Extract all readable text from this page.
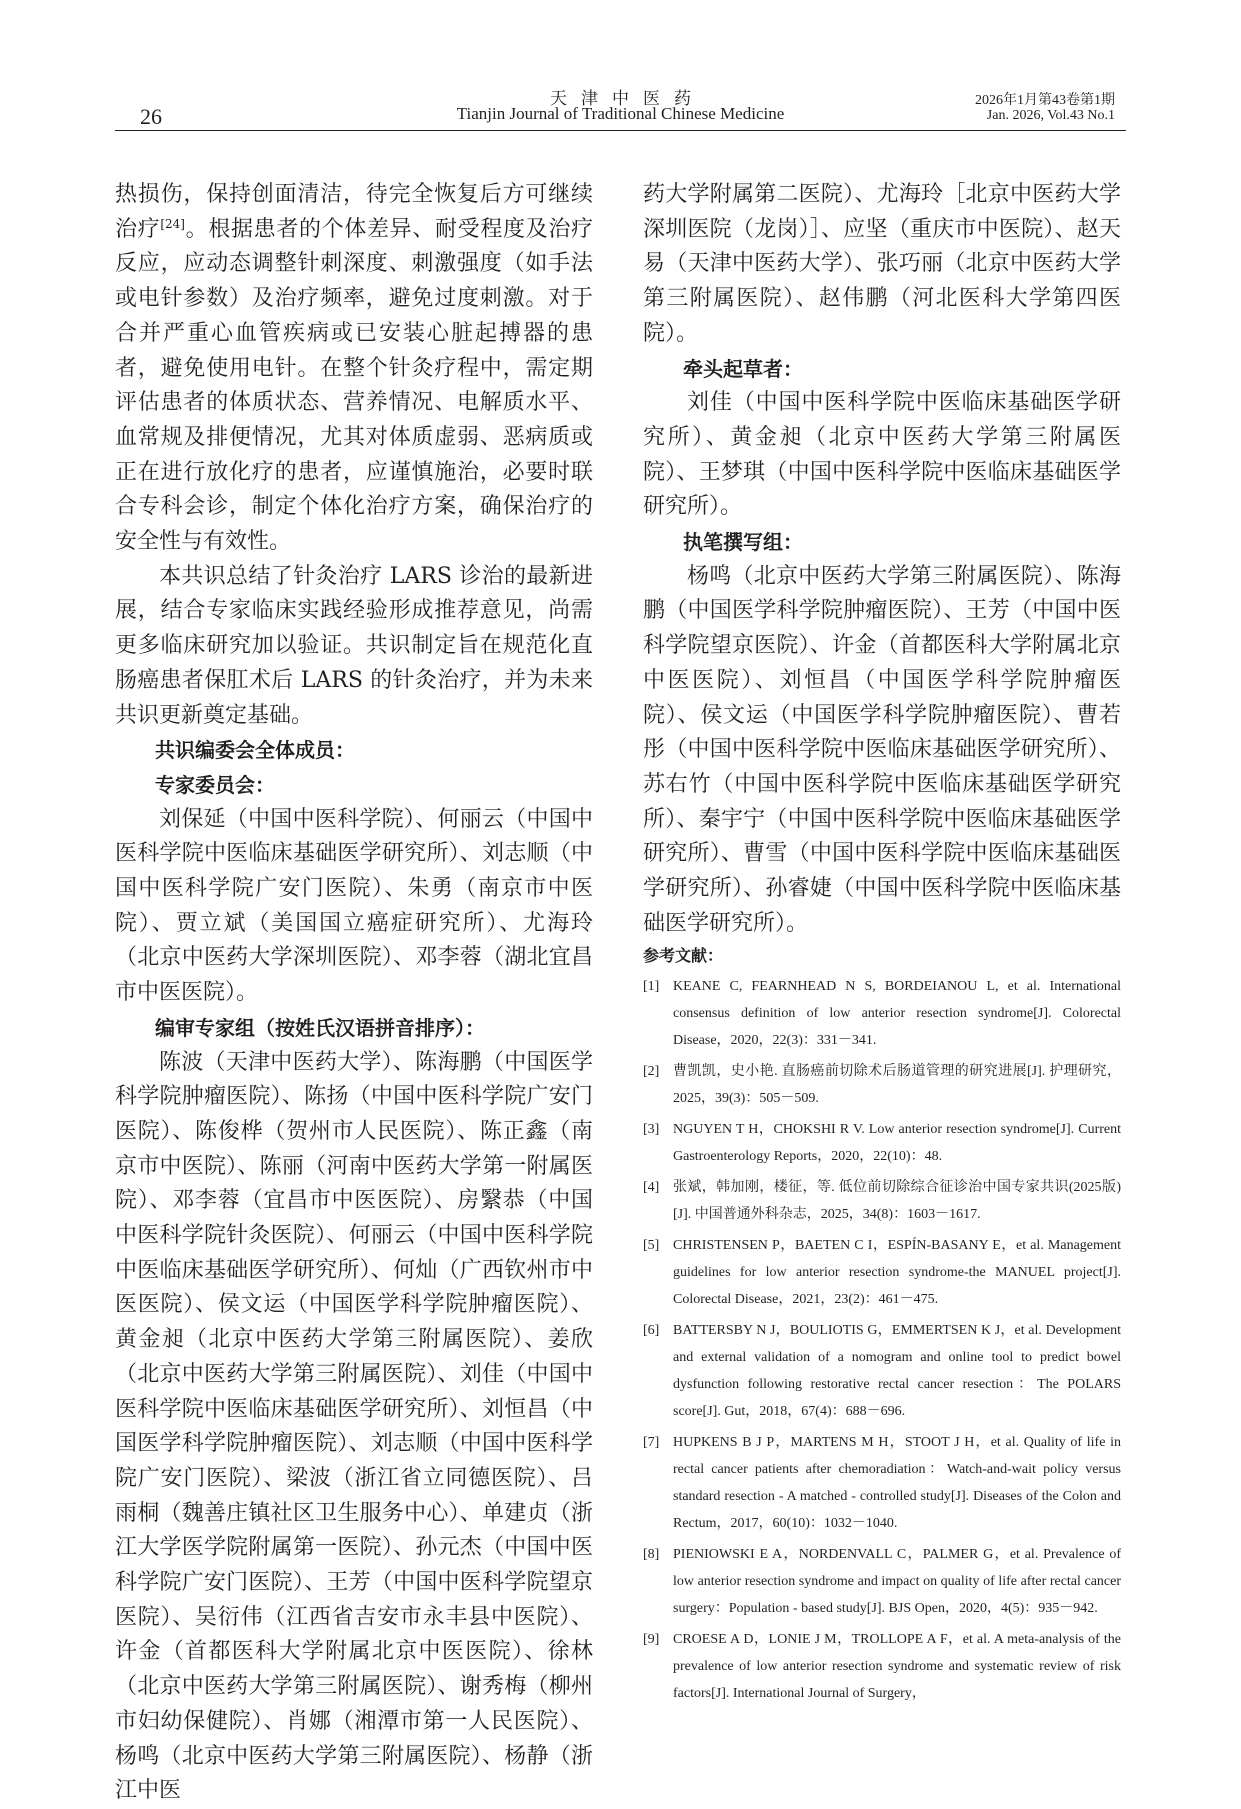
26
天津中医药
Tianjin Journal of Traditional Chinese Medicine
2026年1月第43卷第1期
Jan. 2026, Vol.43 No.1

热损伤，保持创面清洁，待完全恢复后方可继续治疗[24]。根据患者的个体差异、耐受程度及治疗反应，应动态调整针刺深度、刺激强度（如手法或电针参数）及治疗频率，避免过度刺激。对于合并严重心血管疾病或已安装心脏起搏器的患者，避免使用电针。在整个针灸疗程中，需定期评估患者的体质状态、营养情况、电解质水平、血常规及排便情况，尤其对体质虚弱、恶病质或正在进行放化疗的患者，应谨慎施治，必要时联合专科会诊，制定个体化治疗方案，确保治疗的安全性与有效性。

本共识总结了针灸治疗 LARS 诊治的最新进展，结合专家临床实践经验形成推荐意见，尚需更多临床研究加以验证。共识制定旨在规范化直肠癌患者保肛术后 LARS 的针灸治疗，并为未来共识更新奠定基础。

共识编委会全体成员：
专家委员会：

刘保延（中国中医科学院）、何丽云（中国中医科学院中医临床基础医学研究所）、刘志顺（中国中医科学院广安门医院）、朱勇（南京市中医院）、贾立斌（美国国立癌症研究所）、尤海玲（北京中医药大学深圳医院）、邓李蓉（湖北宜昌市中医医院）。

编审专家组（按姓氏汉语拼音排序）：

陈波（天津中医药大学）、陈海鹏（中国医学科学院肿瘤医院）、陈扬（中国中医科学院广安门医院）、陈俊桦（贺州市人民医院）、陈正鑫（南京市中医院）、陈丽（河南中医药大学第一附属医院）、邓李蓉（宜昌市中医医院）、房繄恭（中国中医科学院针灸医院）、何丽云（中国中医科学院中医临床基础医学研究所）、何灿（广西钦州市中医医院）、侯文运（中国医学科学院肿瘤医院）、黄金昶（北京中医药大学第三附属医院）、姜欣（北京中医药大学第三附属医院）、刘佳（中国中医科学院中医临床基础医学研究所）、刘恒昌（中国医学科学院肿瘤医院）、刘志顺（中国中医科学院广安门医院）、梁波（浙江省立同德医院）、吕雨桐（魏善庄镇社区卫生服务中心）、单建贞（浙江大学医学院附属第一医院）、孙元杰（中国中医科学院广安门医院）、王芳（中国中医科学院望京医院）、吴衍伟（江西省吉安市永丰县中医院）、许金（首都医科大学附属北京中医医院）、徐林（北京中医药大学第三附属医院）、谢秀梅（柳州市妇幼保健院）、肖娜（湘潭市第一人民医院）、杨鸣（北京中医药大学第三附属医院）、杨静（浙江中医

药大学附属第二医院）、尤海玲［北京中医药大学深圳医院（龙岗）］、应坚（重庆市中医院）、赵天易（天津中医药大学）、张巧丽（北京中医药大学第三附属医院）、赵伟鹏（河北医科大学第四医院）。

牵头起草者：

刘佳（中国中医科学院中医临床基础医学研究所）、黄金昶（北京中医药大学第三附属医院）、王梦琪（中国中医科学院中医临床基础医学研究所）。

执笔撰写组：

杨鸣（北京中医药大学第三附属医院）、陈海鹏（中国医学科学院肿瘤医院）、王芳（中国中医科学院望京医院）、许金（首都医科大学附属北京中医医院）、刘恒昌（中国医学科学院肿瘤医院）、侯文运（中国医学科学院肿瘤医院）、曹若彤（中国中医科学院中医临床基础医学研究所）、苏右竹（中国中医科学院中医临床基础医学研究所）、秦宇宁（中国中医科学院中医临床基础医学研究所）、曹雪（中国中医科学院中医临床基础医学研究所）、孙睿婕（中国中医科学院中医临床基础医学研究所）。

参考文献：
[1] KEANE C, FEARNHEAD N S, BORDEIANOU L, et al. International consensus definition of low anterior resection syndrome[J]. Colorectal Disease，2020，22(3)：331－341.
[2] 曹凯凯，史小艳. 直肠癌前切除术后肠道管理的研究进展[J]. 护理研究，2025，39(3)：505－509.
[3] NGUYEN T H，CHOKSHI R V. Low anterior resection syndrome[J]. Current Gastroenterology Reports，2020，22(10)：48.
[4] 张斌，韩加刚，楼征，等. 低位前切除综合征诊治中国专家共识(2025版)[J]. 中国普通外科杂志，2025，34(8)：1603－1617.
[5] CHRISTENSEN P，BAETEN C I，ESPÍN-BASANY E，et al. Management guidelines for low anterior resection syndrome-the MANUEL project[J]. Colorectal Disease，2021，23(2)：461－475.
[6] BATTERSBY N J，BOULIOTIS G，EMMERTSEN K J，et al. Development and external validation of a nomogram and online tool to predict bowel dysfunction following restorative rectal cancer resection：The POLARS score[J]. Gut，2018，67(4)：688－696.
[7] HUPKENS B J P，MARTENS M H，STOOT J H，et al. Quality of life in rectal cancer patients after chemoradiation：Watch-and-wait policy versus standard resection - A matched - controlled study[J]. Diseases of the Colon and Rectum，2017，60(10)：1032－1040.
[8] PIENIOWSKI E A，NORDENVALL C，PALMER G，et al. Prevalence of low anterior resection syndrome and impact on quality of life after rectal cancer surgery：Population - based study[J]. BJS Open，2020，4(5)：935－942.
[9] CROESE A D，LONIE J M，TROLLOPE A F，et al. A meta-analysis of the prevalence of low anterior resection syndrome and systematic review of risk factors[J]. International Journal of Surgery，
